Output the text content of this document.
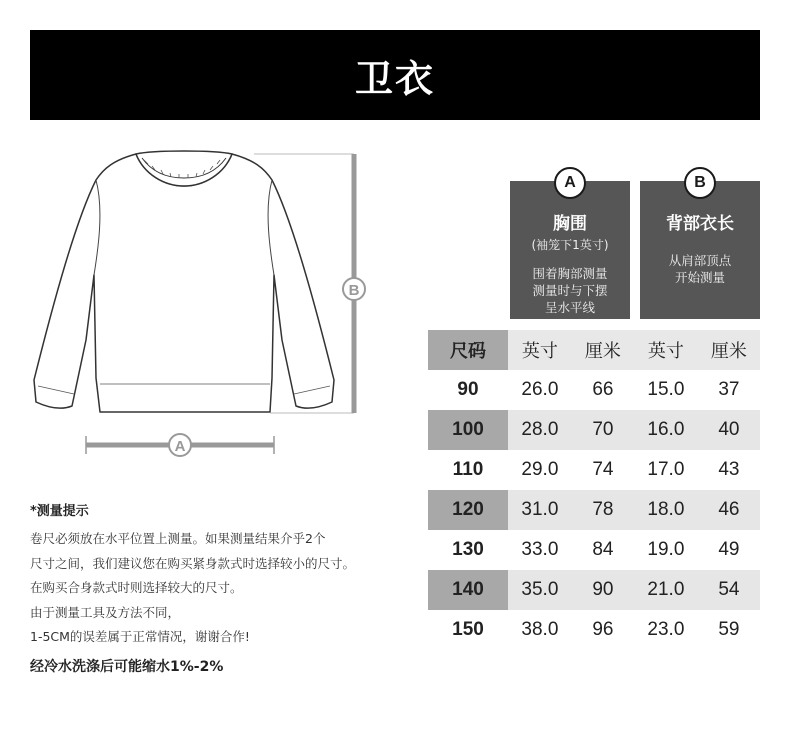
卫衣
B
A
A
胸围
(袖笼下1英寸)
围着胸部测量
测量时与下摆
呈水平线
B
背部衣长
从肩部顶点
开始测量
尺码	英寸	厘米	英寸	厘米
90	26.0	66	15.0	37
100	28.0	70	16.0	40
110	29.0	74	17.0	43
120	31.0	78	18.0	46
130	33.0	84	19.0	49
140	35.0	90	21.0	54
150	38.0	96	23.0	59
*测量提示
卷尺必须放在水平位置上测量。如果测量结果介乎2个
尺寸之间，我们建议您在购买紧身款式时选择较小的尺寸。
在购买合身款式时则选择较大的尺寸。
由于测量工具及方法不同，
1-5CM的误差属于正常情况，谢谢合作!
经冷水洗涤后可能缩水1%-2%
